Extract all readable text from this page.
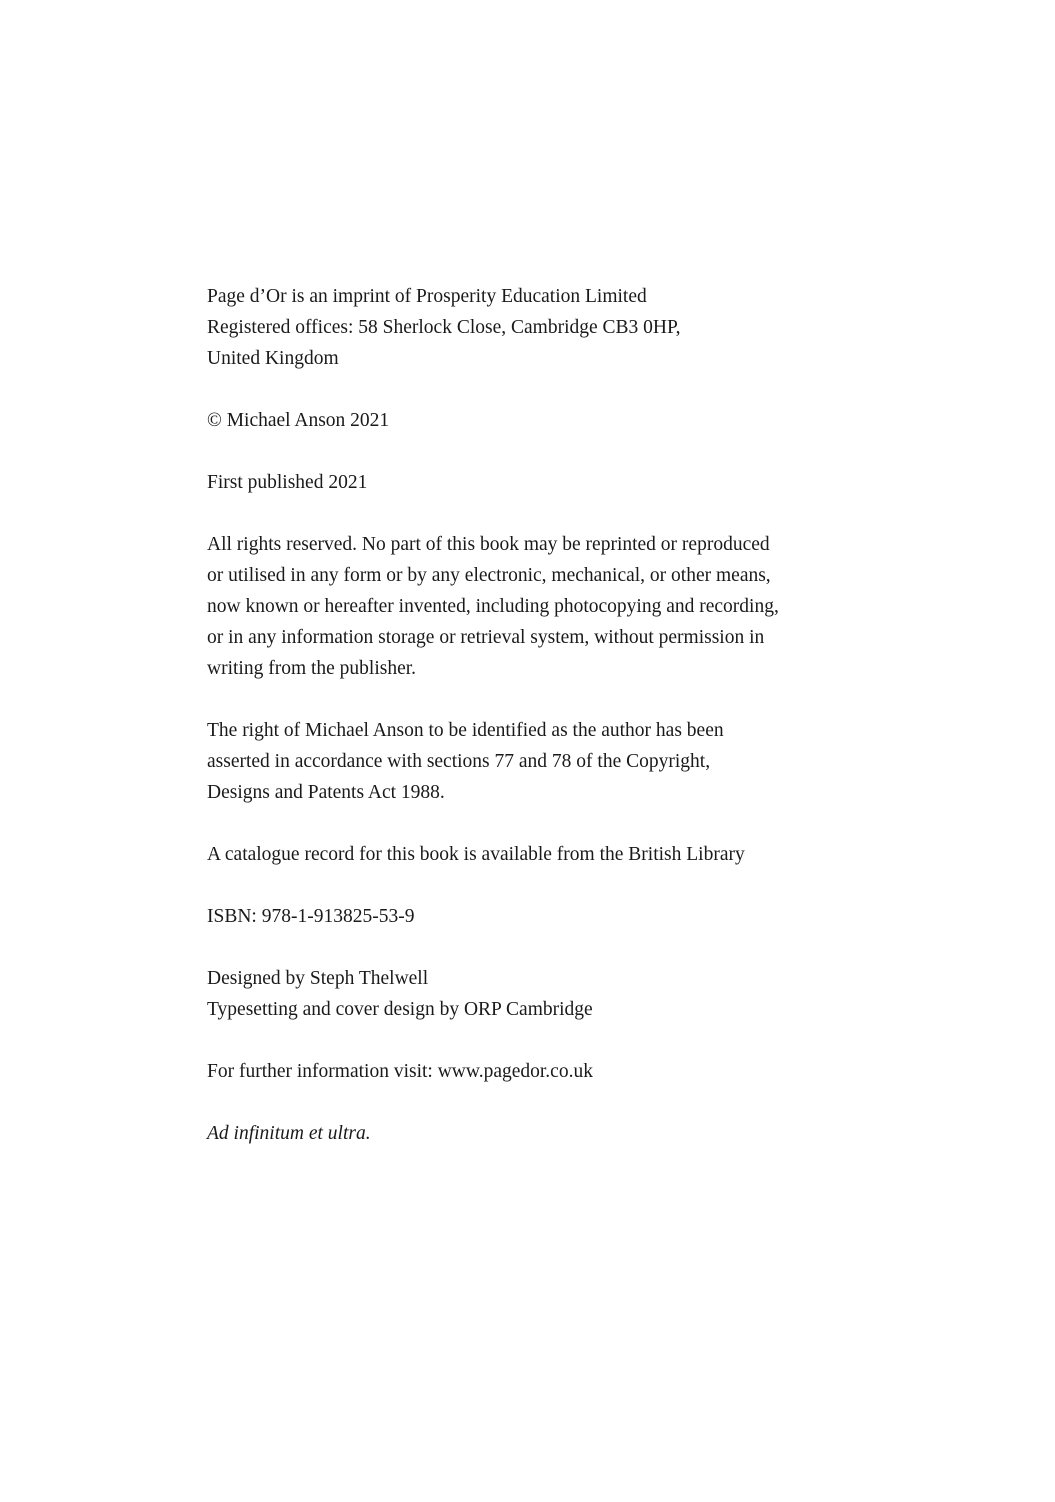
Page d’Or is an imprint of Prosperity Education Limited
Registered offices: 58 Sherlock Close, Cambridge CB3 0HP,
United Kingdom

© Michael Anson 2021

First published 2021

All rights reserved. No part of this book may be reprinted or reproduced
or utilised in any form or by any electronic, mechanical, or other means,
now known or hereafter invented, including photocopying and recording,
or in any information storage or retrieval system, without permission in
writing from the publisher.

The right of Michael Anson to be identified as the author has been
asserted in accordance with sections 77 and 78 of the Copyright,
Designs and Patents Act 1988.

A catalogue record for this book is available from the British Library

ISBN: 978-1-913825-53-9

Designed by Steph Thelwell
Typesetting and cover design by ORP Cambridge

For further information visit: www.pagedor.co.uk

Ad infinitum et ultra.
